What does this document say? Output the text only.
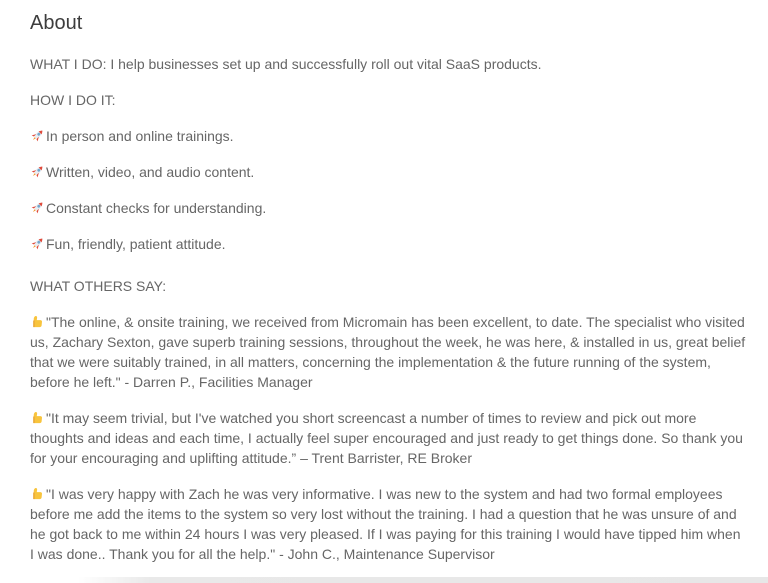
About

WHAT I DO: I help businesses set up and successfully roll out vital SaaS products.

HOW I DO IT:

In person and online trainings.
Written, video, and audio content.
Constant checks for understanding.
Fun, friendly, patient attitude.

WHAT OTHERS SAY:

"The online, & onsite training, we received from Micromain has been excellent, to date. The specialist who visited us, Zachary Sexton, gave superb training sessions, throughout the week, he was here, & installed in us, great belief that we were suitably trained, in all matters, concerning the implementation & the future running of the system, before he left." - Darren P., Facilities Manager
"It may seem trivial, but I've watched you short screencast a number of times to review and pick out more thoughts and ideas and each time, I actually feel super encouraged and just ready to get things done. So thank you for your encouraging and uplifting attitude.” – Trent Barrister, RE Broker
"I was very happy with Zach he was very informative. I was new to the system and had two formal employees before me add the items to the system so very lost without the training. I had a question that he was unsure of and he got back to me within 24 hours I was very pleased. If I was paying for this training I would have tipped him when I was done.. Thank you for all the help." - John C., Maintenance Supervisor
